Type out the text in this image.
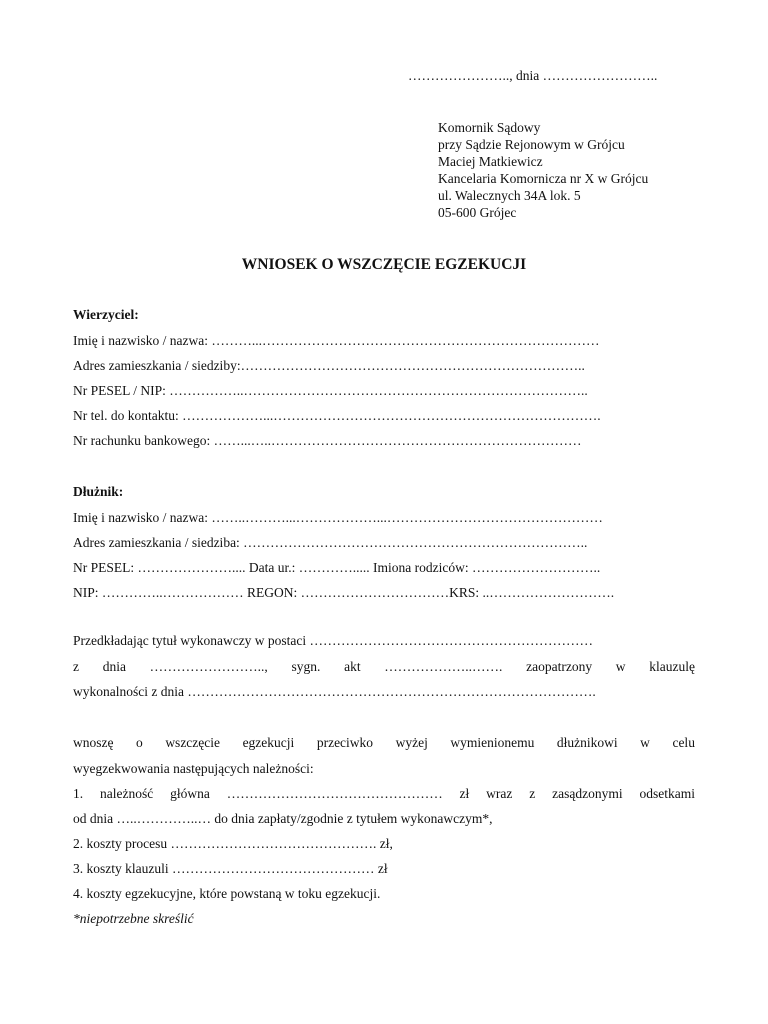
………………….., dnia ……………………..
Komornik Sądowy
przy Sądzie Rejonowym w Grójcu
Maciej Matkiewicz
Kancelaria Komornicza nr X w Grójcu
ul. Walecznych 34A lok. 5
05-600 Grójec
WNIOSEK O WSZCZĘCIE EGZEKUCJI
Wierzyciel:
Imię i nazwisko / nazwa: ………...…………………………………………………………………
Adres zamieszkania / siedziby:…………………………………………………………………..
Nr PESEL / NIP: ……………..…………………………………………………………………..
Nr tel. do kontaktu: ………………...……………………………………………………………….
Nr rachunku bankowego: ……...…..……………………………………………………………
Dłużnik:
Imię i nazwisko / nazwa: ……..………...………………...…………………………………………
Adres zamieszkania / siedziba: …………………………………………………………………..
Nr PESEL: ………………….... Data ur.: …………..... Imiona rodziców: ………………………..
NIP: …………..……………… REGON: ……………………………KRS: ..……………………….
Przedkładając tytuł wykonawczy w postaci ………………………………………………………
z dnia …………………….., sygn. akt ………………..……. zaopatrzony w klauzulę
wykonalności z dnia ……………………………………………………………………………….
wnoszę o wszczęcie egzekucji przeciwko wyżej wymienionemu dłużnikowi w celu
wyegzekwowania następujących należności:
1. należność główna ………………………………………… zł wraz z zasądzonymi odsetkami
od dnia …..…………..… do dnia zapłaty/zgodnie z tytułem wykonawczym*,
2. koszty procesu ………………………………………. zł,
3. koszty klauzuli ……………………………………… zł
4. koszty egzekucyjne, które powstaną w toku egzekucji.
*niepotrzebne skreślić
